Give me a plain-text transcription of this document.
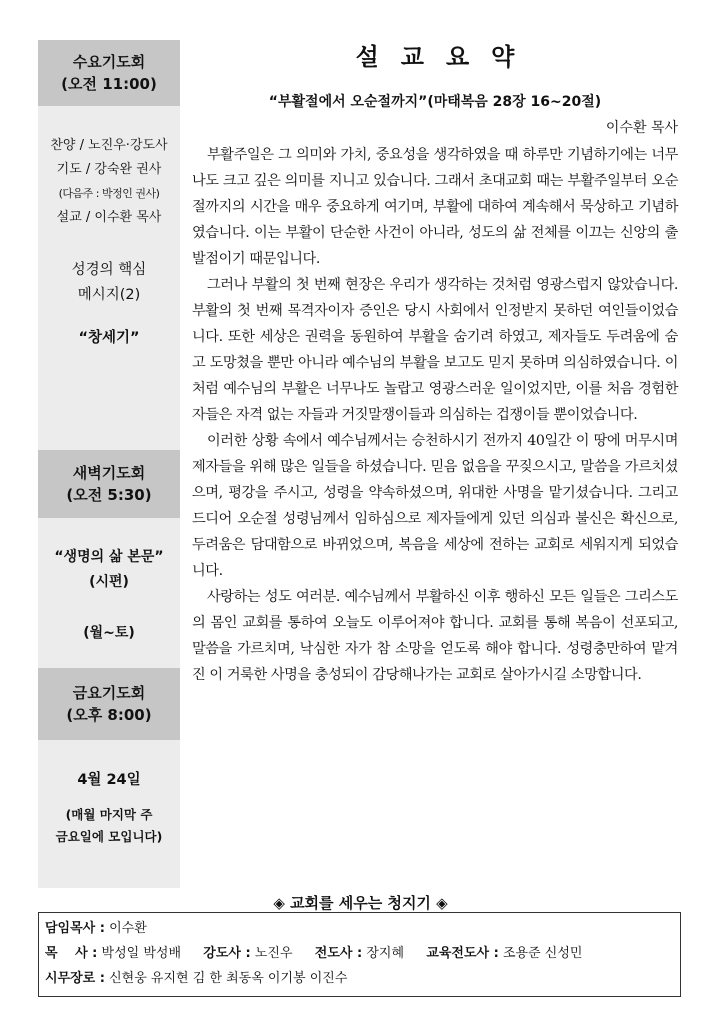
수요기도회
(오전 11:00)
찬양 / 노진우·강도사
기도 / 강숙완 권사
(다음주 : 박정인 권사)
설교 / 이수환 목사
성경의 핵심
메시지(2)
“창세기”
새벽기도회
(오전 5:30)
“생명의 삶 본문”
(시편)
(월~토)
금요기도회
(오후 8:00)
4월 24일
(매월 마지막 주
금요일에 모입니다)
설교요약
“부활절에서 오순절까지”(마태복음 28장 16~20절)
이수환 목사

부활주일은 그 의미와 가치, 중요성을 생각하였을 때 하루만 기념하기에는 너무나도 크고 깊은 의미를 지니고 있습니다. 그래서 초대교회 때는 부활주일부터 오순절까지의 시간을 매우 중요하게 여기며, 부활에 대하여 계속해서 묵상하고 기념하였습니다. 이는 부활이 단순한 사건이 아니라, 성도의 삶 전체를 이끄는 신앙의 출발점이기 때문입니다.

그러나 부활의 첫 번째 현장은 우리가 생각하는 것처럼 영광스럽지 않았습니다. 부활의 첫 번째 목격자이자 증인은 당시 사회에서 인정받지 못하던 여인들이었습니다. 또한 세상은 권력을 동원하여 부활을 숨기려 하였고, 제자들도 두려움에 숨고 도망쳤을 뿐만 아니라 예수님의 부활을 보고도 믿지 못하며 의심하였습니다. 이처럼 예수님의 부활은 너무나도 놀랍고 영광스러운 일이었지만, 이를 처음 경험한 자들은 자격 없는 자들과 거짓말쟁이들과 의심하는 겁쟁이들 뿐이었습니다.

이러한 상황 속에서 예수님께서는 승천하시기 전까지 40일간 이 땅에 머무시며 제자들을 위해 많은 일들을 하셨습니다. 믿음 없음을 꾸짖으시고, 말씀을 가르치셨으며, 평강을 주시고, 성령을 약속하셨으며, 위대한 사명을 맡기셨습니다. 그리고 드디어 오순절 성령님께서 임하심으로 제자들에게 있던 의심과 불신은 확신으로, 두려움은 담대함으로 바뀌었으며, 복음을 세상에 전하는 교회로 세워지게 되었습니다.

사랑하는 성도 여러분. 예수님께서 부활하신 이후 행하신 모든 일들은 그리스도의 몸인 교회를 통하여 오늘도 이루어져야 합니다. 교회를 통해 복음이 선포되고, 말씀을 가르치며, 낙심한 자가 참 소망을 얻도록 해야 합니다. 성령충만하여 맡겨진 이 거룩한 사명을 충성되이 감당해나가는 교회로 살아가시길 소망합니다.

◈ 교회를 세우는 청지기 ◈
담임목사 : 이수환
목　 사 : 박성일 박성배 강도사 : 노진우 전도사 : 장지혜 교육전도사 : 조용준 신성민
시무장로 : 신현웅 유지현 김 한 최동옥 이기봉 이진수
